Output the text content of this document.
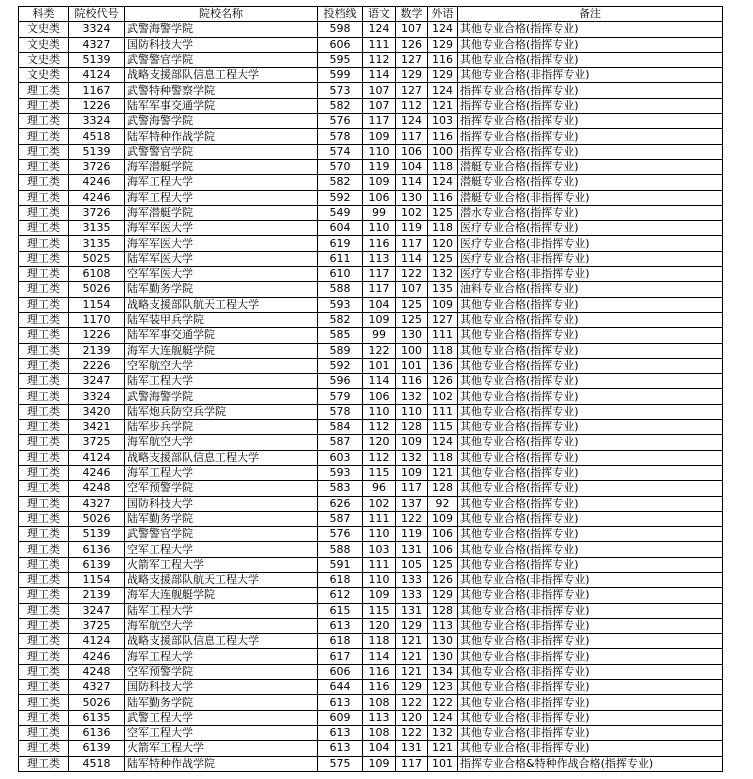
科类	院校代号	院校名称	投档线	语文	数学	外语	备注
文史类	3324	武警海警学院	598	124	107	124	其他专业合格(指挥专业)
文史类	4327	国防科技大学	606	111	126	129	其他专业合格(指挥专业)
文史类	5139	武警警官学院	595	112	127	116	其他专业合格(指挥专业)
文史类	4124	战略支援部队信息工程大学	599	114	129	129	其他专业合格(非指挥专业)
理工类	1167	武警特种警察学院	573	107	127	124	指挥专业合格(指挥专业)
理工类	1226	陆军军事交通学院	582	107	112	121	指挥专业合格(指挥专业)
理工类	3324	武警海警学院	576	117	124	103	指挥专业合格(指挥专业)
理工类	4518	陆军特种作战学院	578	109	117	116	指挥专业合格(指挥专业)
理工类	5139	武警警官学院	574	110	106	100	指挥专业合格(指挥专业)
理工类	3726	海军潜艇学院	570	119	104	118	潜艇专业合格(指挥专业)
理工类	4246	海军工程大学	582	109	114	124	潜艇专业合格(指挥专业)
理工类	4246	海军工程大学	592	106	130	116	潜艇专业合格(非指挥专业)
理工类	3726	海军潜艇学院	549	99	102	125	潜水专业合格(指挥专业)
理工类	3135	海军军医大学	604	110	119	118	医疗专业合格(指挥专业)
理工类	3135	海军军医大学	619	116	117	120	医疗专业合格(非指挥专业)
理工类	5025	陆军军医大学	611	113	114	125	医疗专业合格(非指挥专业)
理工类	6108	空军军医大学	610	117	122	132	医疗专业合格(非指挥专业)
理工类	5026	陆军勤务学院	588	117	107	135	油料专业合格(指挥专业)
理工类	1154	战略支援部队航天工程大学	593	104	125	109	其他专业合格(指挥专业)
理工类	1170	陆军装甲兵学院	582	109	125	127	其他专业合格(指挥专业)
理工类	1226	陆军军事交通学院	585	99	130	111	其他专业合格(指挥专业)
理工类	2139	海军大连舰艇学院	589	122	100	118	其他专业合格(指挥专业)
理工类	2226	空军航空大学	592	101	101	136	其他专业合格(指挥专业)
理工类	3247	陆军工程大学	596	114	116	126	其他专业合格(指挥专业)
理工类	3324	武警海警学院	579	106	132	102	其他专业合格(指挥专业)
理工类	3420	陆军炮兵防空兵学院	578	110	110	111	其他专业合格(指挥专业)
理工类	3421	陆军步兵学院	584	112	128	115	其他专业合格(指挥专业)
理工类	3725	海军航空大学	587	120	109	124	其他专业合格(指挥专业)
理工类	4124	战略支援部队信息工程大学	603	112	132	118	其他专业合格(指挥专业)
理工类	4246	海军工程大学	593	115	109	121	其他专业合格(指挥专业)
理工类	4248	空军预警学院	583	96	117	128	其他专业合格(指挥专业)
理工类	4327	国防科技大学	626	102	137	92	其他专业合格(指挥专业)
理工类	5026	陆军勤务学院	587	111	122	109	其他专业合格(指挥专业)
理工类	5139	武警警官学院	576	110	119	106	其他专业合格(指挥专业)
理工类	6136	空军工程大学	588	103	131	106	其他专业合格(指挥专业)
理工类	6139	火箭军工程大学	591	111	105	125	其他专业合格(指挥专业)
理工类	1154	战略支援部队航天工程大学	618	110	133	126	其他专业合格(非指挥专业)
理工类	2139	海军大连舰艇学院	612	109	133	129	其他专业合格(非指挥专业)
理工类	3247	陆军工程大学	615	115	131	128	其他专业合格(非指挥专业)
理工类	3725	海军航空大学	613	120	129	113	其他专业合格(非指挥专业)
理工类	4124	战略支援部队信息工程大学	618	118	121	130	其他专业合格(非指挥专业)
理工类	4246	海军工程大学	617	114	121	130	其他专业合格(非指挥专业)
理工类	4248	空军预警学院	606	116	121	134	其他专业合格(非指挥专业)
理工类	4327	国防科技大学	644	116	129	123	其他专业合格(非指挥专业)
理工类	5026	陆军勤务学院	613	108	122	122	其他专业合格(非指挥专业)
理工类	6135	武警工程大学	609	113	120	124	其他专业合格(非指挥专业)
理工类	6136	空军工程大学	613	108	122	132	其他专业合格(非指挥专业)
理工类	6139	火箭军工程大学	613	104	131	121	其他专业合格(非指挥专业)
理工类	4518	陆军特种作战学院	575	109	117	101	指挥专业合格&特种作战合格(指挥专业)
